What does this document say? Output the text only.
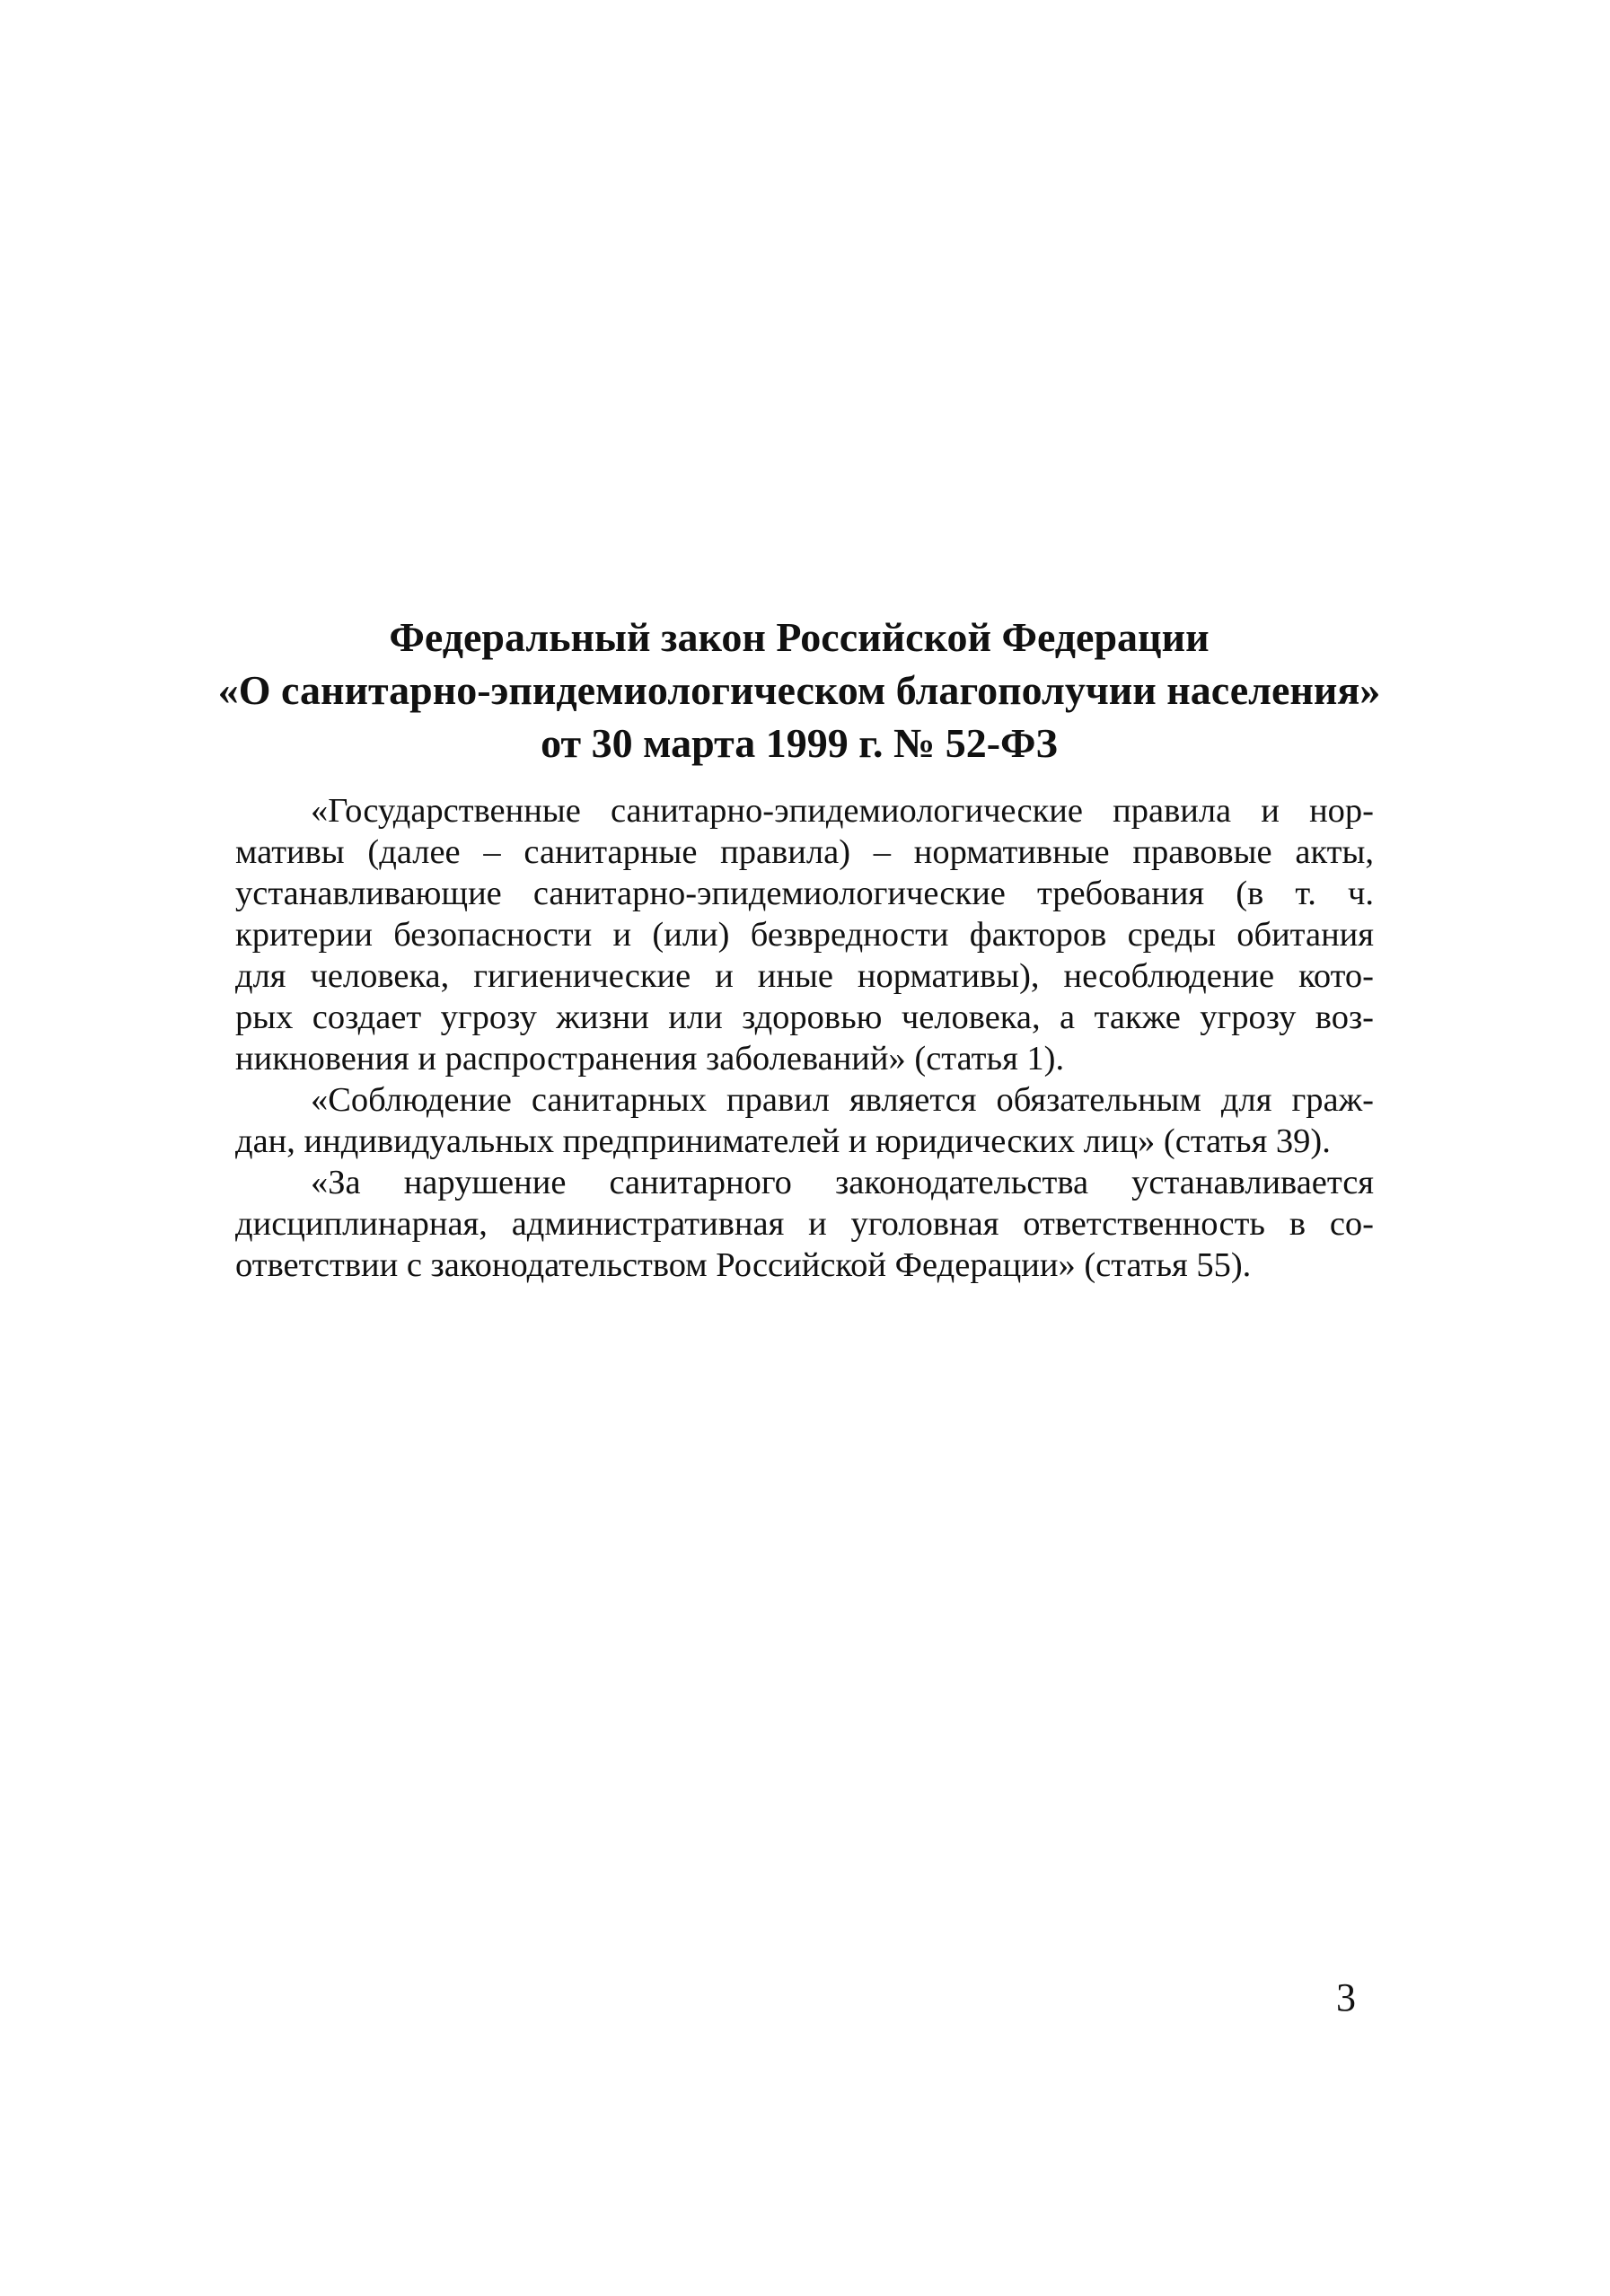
Федеральный закон Российской Федерации
«О санитарно-эпидемиологическом благополучии населения»
от 30 марта 1999 г. № 52-ФЗ
«Государственные санитарно-эпидемиологические правила и нор-
мативы (далее – санитарные правила) – нормативные правовые акты,
устанавливающие санитарно-эпидемиологические требования (в т. ч.
критерии безопасности и (или) безвредности факторов среды обитания
для человека, гигиенические и иные нормативы), несоблюдение кото-
рых создает угрозу жизни или здоровью человека, а также угрозу воз-
никновения и распространения заболеваний» (статья 1).
«Соблюдение санитарных правил является обязательным для граж-
дан, индивидуальных предпринимателей и юридических лиц» (статья 39).
«За нарушение санитарного законодательства устанавливается
дисциплинарная, административная и уголовная ответственность в со-
ответствии с законодательством Российской Федерации» (статья 55).
3
